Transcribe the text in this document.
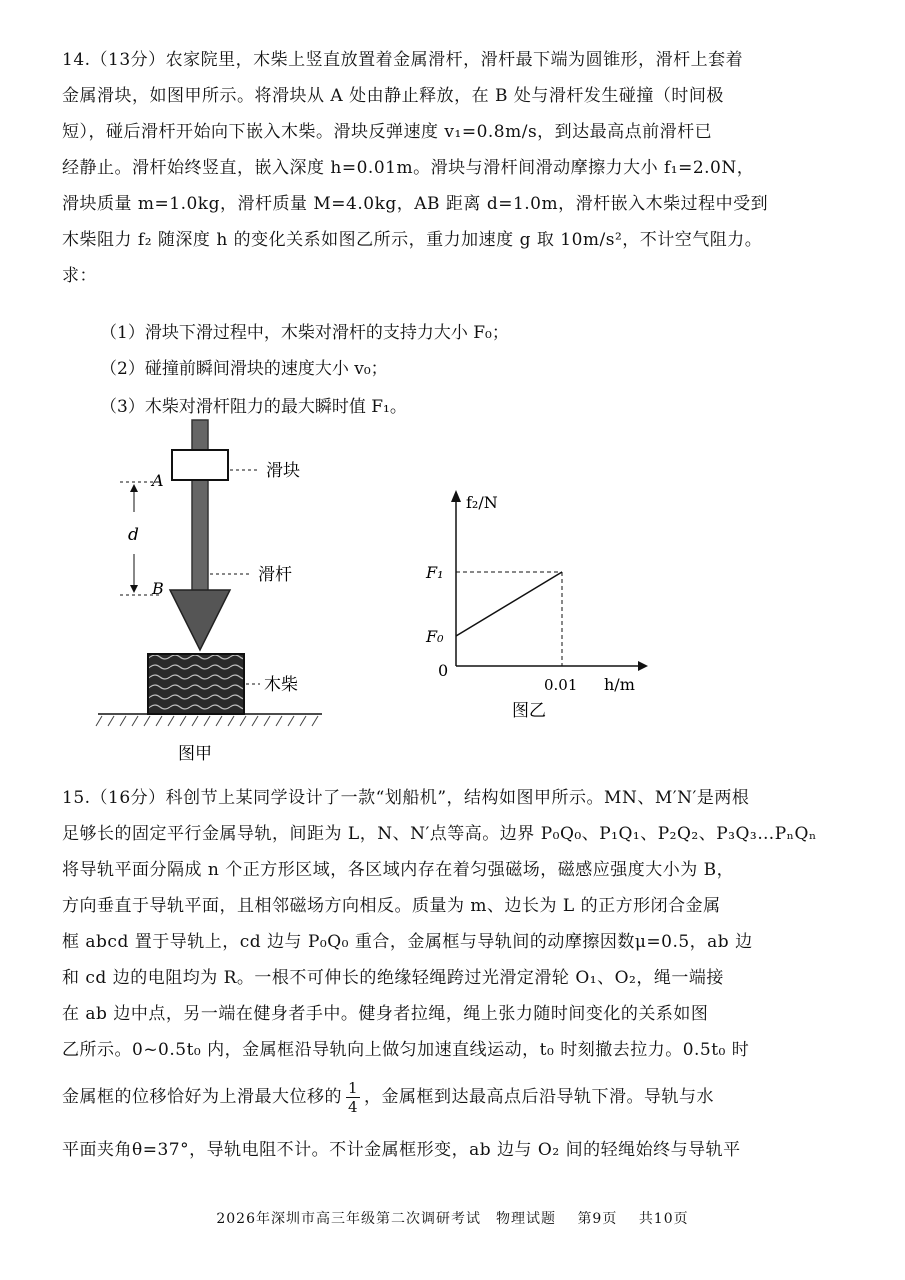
14.（13分）农家院里，木柴上竖直放置着金属滑杆，滑杆最下端为圆锥形，滑杆上套着
金属滑块，如图甲所示。将滑块从 A 处由静止释放，在 B 处与滑杆发生碰撞（时间极
短），碰后滑杆开始向下嵌入木柴。滑块反弹速度 v₁=0.8m/s，到达最高点前滑杆已
经静止。滑杆始终竖直，嵌入深度 h=0.01m。滑块与滑杆间滑动摩擦力大小 f₁=2.0N，
滑块质量 m=1.0kg，滑杆质量 M=4.0kg，AB 距离 d=1.0m，滑杆嵌入木柴过程中受到
木柴阻力 f₂ 随深度 h 的变化关系如图乙所示，重力加速度 g 取 10m/s²，不计空气阻力。
求：
（1）滑块下滑过程中，木柴对滑杆的支持力大小 F₀；
（2）碰撞前瞬间滑块的速度大小 v₀；
（3）木柴对滑杆阻力的最大瞬时值 F₁。
滑块
A
B
d
滑杆
木柴
图甲
f₂/N
h/m
0
F₁
F₀
0.01
图乙
15.（16分）科创节上某同学设计了一款“划船机”，结构如图甲所示。MN、M′N′是两根
足够长的固定平行金属导轨，间距为 L，N、N′点等高。边界 P₀Q₀、P₁Q₁、P₂Q₂、P₃Q₃…PₙQₙ
将导轨平面分隔成 n 个正方形区域，各区域内存在着匀强磁场，磁感应强度大小为 B，
方向垂直于导轨平面，且相邻磁场方向相反。质量为 m、边长为 L 的正方形闭合金属
框 abcd 置于导轨上，cd 边与 P₀Q₀ 重合，金属框与导轨间的动摩擦因数μ=0.5，ab 边
和 cd 边的电阻均为 R。一根不可伸长的绝缘轻绳跨过光滑定滑轮 O₁、O₂，绳一端接
在 ab 边中点，另一端在健身者手中。健身者拉绳，绳上张力随时间变化的关系如图
乙所示。0~0.5t₀ 内，金属框沿导轨向上做匀加速直线运动，t₀ 时刻撤去拉力。0.5t₀ 时
金属框的位移恰好为上滑最大位移的 $\frac{1}{4}$ ，金属框到达最高点后沿导轨下滑。导轨与水
平面夹角θ=37°，导轨电阻不计。不计金属框形变，ab 边与 O₂ 间的轻绳始终与导轨平
2026年深圳市高三年级第二次调研考试　物理试题 第9页 共10页
